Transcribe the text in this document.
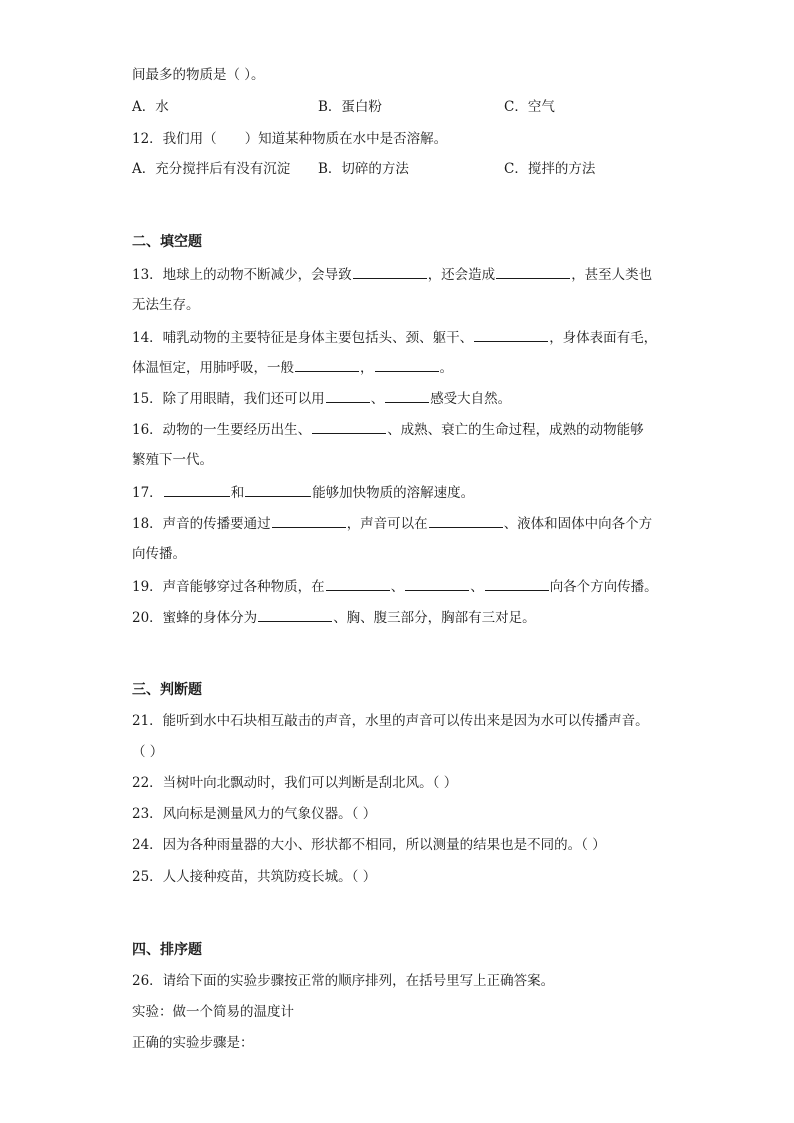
间最多的物质是（ ）。
A．水	B．蛋白粉	C．空气
12．我们用（ ）知道某种物质在水中是否溶解。
A．充分搅拌后有没有沉淀 B．切碎的方法	C．搅拌的方法
二、填空题
13．地球上的动物不断减少，会导致	，还会造成	，甚至人类也
无法生存。
14．哺乳动物的主要特征是身体主要包括头、颈、躯干、	，身体表面有毛，
体温恒定，用肺呼吸，一般	，	。
15．除了用眼睛，我们还可以用	、	感受大自然。
16．动物的一生要经历出生、	、成熟、衰亡的生命过程，成熟的动物能够
繁殖下一代。
17．	和	能够加快物质的溶解速度。
18．声音的传播要通过	，声音可以在	、液体和固体中向各个方
向传播。
19．声音能够穿过各种物质，在	、	、	向各个方向传播。
20．蜜蜂的身体分为	、胸、腹三部分，胸部有三对足。
三、判断题
21．能听到水中石块相互敲击的声音，水里的声音可以传出来是因为水可以传播声音。
（ ）
22．当树叶向北飘动时，我们可以判断是刮北风。（ ）
23．风向标是测量风力的气象仪器。（ ）
24．因为各种雨量器的大小、形状都不相同，所以测量的结果也是不同的。（ ）
25．人人接种疫苗，共筑防疫长城。（ ）
四、排序题
26．请给下面的实验步骤按正常的顺序排列，在括号里写上正确答案。
实验：做一个简易的温度计
正确的实验步骤是：
